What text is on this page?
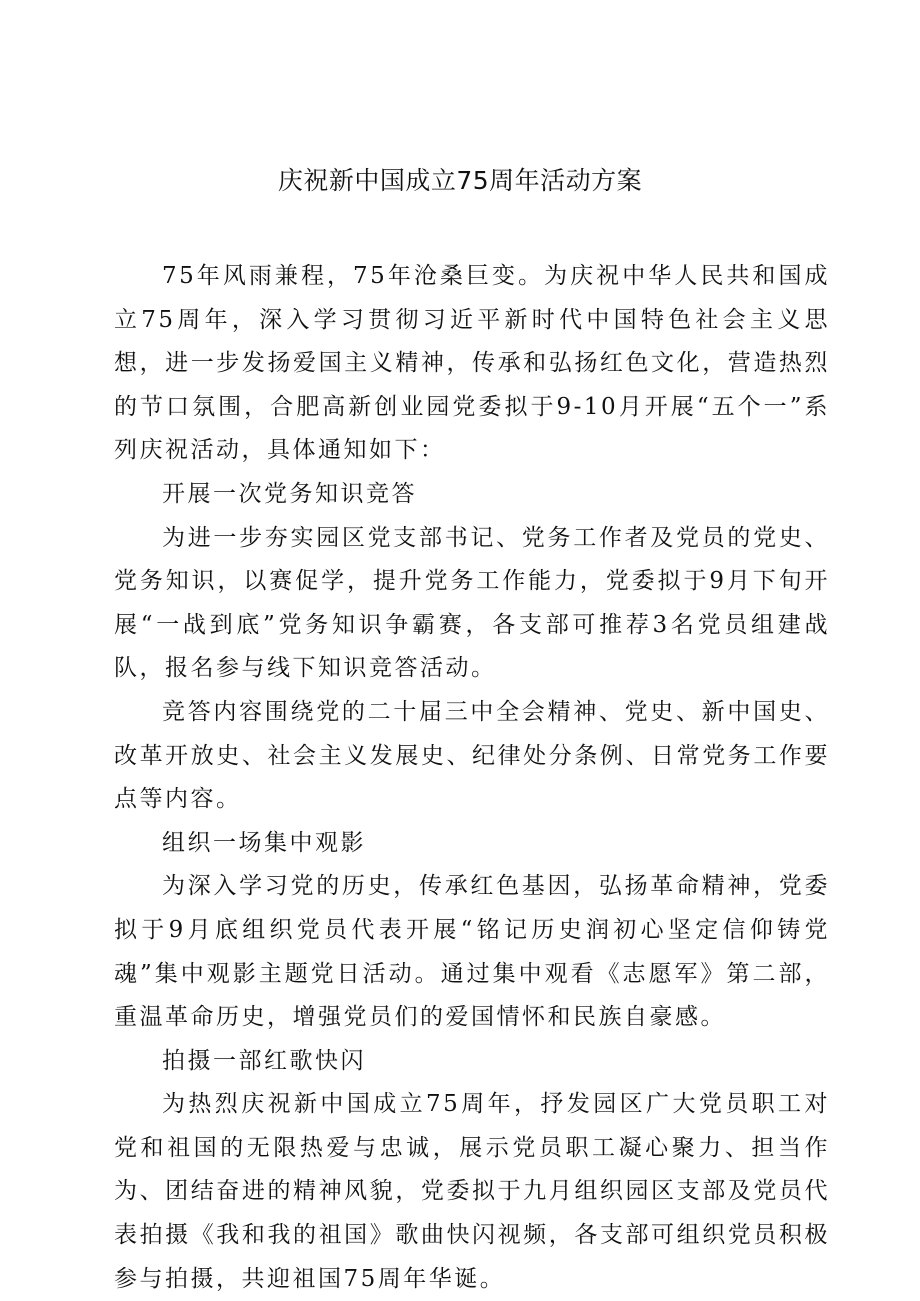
庆祝新中国成立75周年活动方案

75年风雨兼程，75年沧桑巨变。为庆祝中华人民共和国成立75周年，深入学习贯彻习近平新时代中国特色社会主义思想，进一步发扬爱国主义精神，传承和弘扬红色文化，营造热烈的节口氛围，合肥高新创业园党委拟于9-10月开展“五个一”系列庆祝活动，具体通知如下：

开展一次党务知识竞答

为进一步夯实园区党支部书记、党务工作者及党员的党史、党务知识，以赛促学，提升党务工作能力，党委拟于9月下旬开展“一战到底”党务知识争霸赛，各支部可推荐3名党员组建战队，报名参与线下知识竞答活动。

竞答内容围绕党的二十届三中全会精神、党史、新中国史、改革开放史、社会主义发展史、纪律处分条例、日常党务工作要点等内容。

组织一场集中观影

为深入学习党的历史，传承红色基因，弘扬革命精神，党委拟于9月底组织党员代表开展“铭记历史润初心坚定信仰铸党魂”集中观影主题党日活动。通过集中观看《志愿军》第二部，重温革命历史，增强党员们的爱国情怀和民族自豪感。

拍摄一部红歌快闪

为热烈庆祝新中国成立75周年，抒发园区广大党员职工对党和祖国的无限热爱与忠诚，展示党员职工凝心聚力、担当作为、团结奋进的精神风貌，党委拟于九月组织园区支部及党员代表拍摄《我和我的祖国》歌曲快闪视频，各支部可组织党员积极参与拍摄，共迎祖国75周年华诞。
